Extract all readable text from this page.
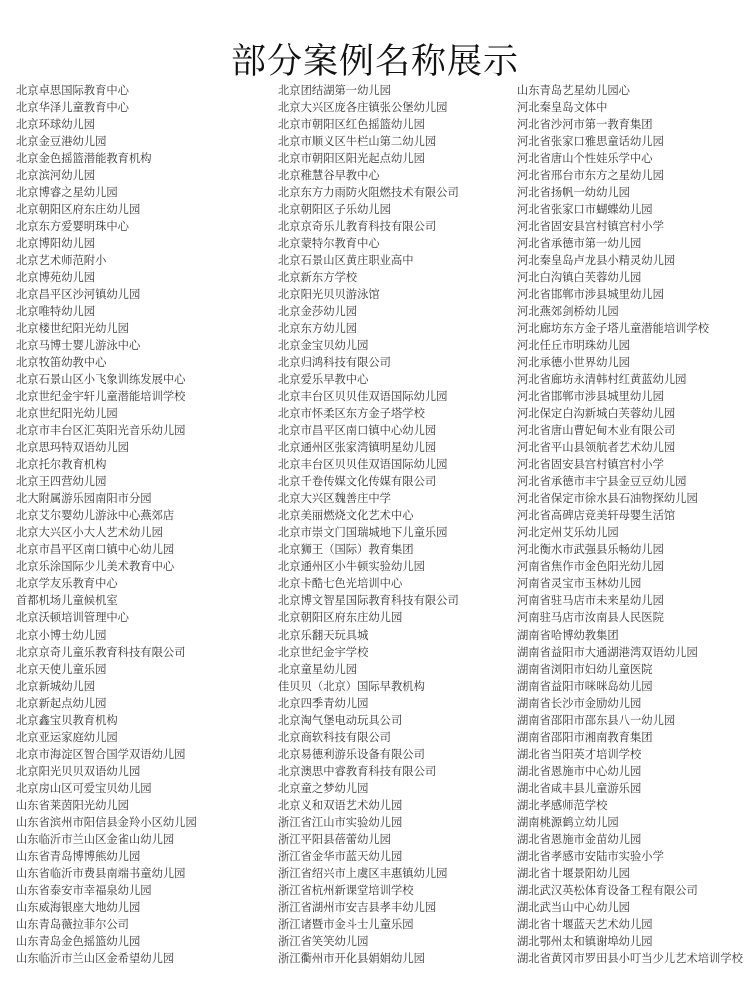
部分案例名称展示
北京卓思国际教育中心
北京华泽儿童教育中心
北京环球幼儿园
北京金豆港幼儿园
北京金色摇篮潜能教育机构
北京滨河幼儿园
北京博睿之星幼儿园
北京朝阳区府东庄幼儿园
北京东方爱婴明珠中心
北京博阳幼儿园
北京艺术师范附小
北京博苑幼儿园
北京昌平区沙河镇幼儿园
北京唯特幼儿园
北京楼世纪阳光幼儿园
北京马博士婴儿游泳中心
北京牧笛幼教中心
北京石景山区小飞象训练发展中心
北京世纪金宇轩儿童潜能培训学校
北京世纪阳光幼儿园
北京市丰台区汇英阳光音乐幼儿园
北京思玛特双语幼儿园
北京托尔教育机构
北京王四营幼儿园
北大附属游乐园南阳市分园
北京艾尔婴幼儿游泳中心燕郊店
北京大兴区小大人艺术幼儿园
北京市昌平区南口镇中心幼儿园
北京乐涂国际少儿美术教育中心
北京学友乐教育中心
首都机场儿童候机室
北京沃顿培训管理中心
北京小博士幼儿园
北京京奇儿童乐教育科技有限公司
北京天使儿童乐园
北京新城幼儿园
北京新起点幼儿园
北京鑫宝贝教育机构
北京亚运家庭幼儿园
北京市海淀区智合国学双语幼儿园
北京阳光贝贝双语幼儿园
北京房山区可爱宝贝幼儿园
山东省莱茵阳光幼儿园
山东省滨州市阳信县金羚小区幼儿园
山东临沂市兰山区金雀山幼儿园
山东省青岛博博熊幼儿园
山东省临沂市费县南端书童幼儿园
山东省泰安市幸福泉幼儿园
山东威海银座大地幼儿园
山东青岛薇拉菲尔公司
山东青岛金色摇篮幼儿园
山东临沂市兰山区金希望幼儿园
北京团结湖第一幼儿园
北京大兴区庞各庄镇张公堡幼儿园
北京市朝阳区红色摇篮幼儿园
北京市顺义区牛栏山第二幼儿园
北京市朝阳区阳光起点幼儿园
北京稚慧谷早教中心
北京东方力雨防火阻燃技术有限公司
北京朝阳区子乐幼儿园
北京京奇乐儿教育科技有限公司
北京蒙特尔教育中心
北京石景山区黄庄职业高中
北京新东方学校
北京阳光贝贝游泳馆
北京金莎幼儿园
北京东方幼儿园
北京金宝贝幼儿园
北京归鸿科技有限公司
北京爱乐早教中心
北京丰台区贝贝佳双语国际幼儿园
北京市怀柔区东方金子塔学校
北京市昌平区南口镇中心幼儿园
北京通州区张家湾镇明星幼儿园
北京丰台区贝贝佳双语国际幼儿园
北京千卷传媒文化传媒有限公司
北京大兴区魏善庄中学
北京美丽燃烧文化艺术中心
北京市崇文门国瑞城地下儿童乐园
北京狮王（国际）教育集团
北京通州区小牛顿实验幼儿园
北京卡酷七色光培训中心
北京博文智星国际教育科技有限公司
北京朝阳区府东庄幼儿园
北京乐翻天玩具城
北京世纪金宇学校
北京童星幼儿园
佳贝贝（北京）国际早教机构
北京四季青幼儿园
北京淘气堡电动玩具公司
北京商软科技有限公司
北京易德利游乐设备有限公司
北京澳思中睿教育科技有限公司
北京童之梦幼儿园
北京义和双语艺术幼儿园
浙江省江山市实验幼儿园
浙江平阳县蓓蕾幼儿园
浙江省金华市蓝天幼儿园
浙江省绍兴市上虞区丰惠镇幼儿园
浙江省杭州新课堂培训学校
浙江省湖州市安吉县孝丰幼儿园
浙江诸暨市金斗士儿童乐园
浙江省笑笑幼儿园
浙江衢州市开化县娟娟幼儿园
山东青岛艺星幼儿园心
河北秦皇岛文体中
河北省沙河市第一教育集团
河北省张家口雅思童话幼儿园
河北省唐山个性娃乐学中心
河北省邢台市东方之星幼儿园
河北省扬帆一幼幼儿园
河北省张家口市蝴蝶幼儿园
河北省固安县宫村镇宫村小学
河北省承德市第一幼儿园
河北秦皇岛卢龙县小精灵幼儿园
河北白沟镇白芙蓉幼儿园
河北省邯郸市涉县城里幼儿园
河北燕郊剑桥幼儿园
河北廊坊东方金子塔儿童潜能培训学校
河北任丘市明珠幼儿园
河北承德小世界幼儿园
河北省廊坊永清韩村红黄蓝幼儿园
河北省邯郸市涉县城里幼儿园
河北保定白沟新城白芙蓉幼儿园
河北省唐山曹妃甸木业有限公司
河北省平山县领航者艺术幼儿园
河北省固安县宫村镇宫村小学
河北省承德市丰宁县金豆豆幼儿园
河北省保定市徐水县石油物探幼儿园
河北省高碑店竞美轩母婴生活馆
河北定州艾乐幼儿园
河北衡水市武强县乐畅幼儿园
河南省焦作市金色阳光幼儿园
河南省灵宝市玉林幼儿园
河南省驻马店市未来星幼儿园
河南驻马店市汝南县人民医院
湖南省哈博幼教集团
湖南省益阳市大通湖港湾双语幼儿园
湖南省浏阳市妇幼儿童医院
湖南省益阳市咪咪岛幼儿园
湖南省长沙市金励幼儿园
湖南省邵阳市邵东县八一幼儿园
湖南省邵阳市湘南教育集团
湖北省当阳英才培训学校
湖北省恩施市中心幼儿园
湖北省咸丰县儿童游乐园
湖北孝感师范学校
湖南桃源鹤立幼儿园
湖北省恩施市金苗幼儿园
湖北省孝感市安陆市实验小学
湖北省十堰景阳幼儿园
湖北武汉英松体育设备工程有限公司
湖北武当山中心幼儿园
湖北省十堰蓝天艺术幼儿园
湖北鄂州太和镇谢埠幼儿园
湖北省黄冈市罗田县小叮当少儿艺术培训学校
